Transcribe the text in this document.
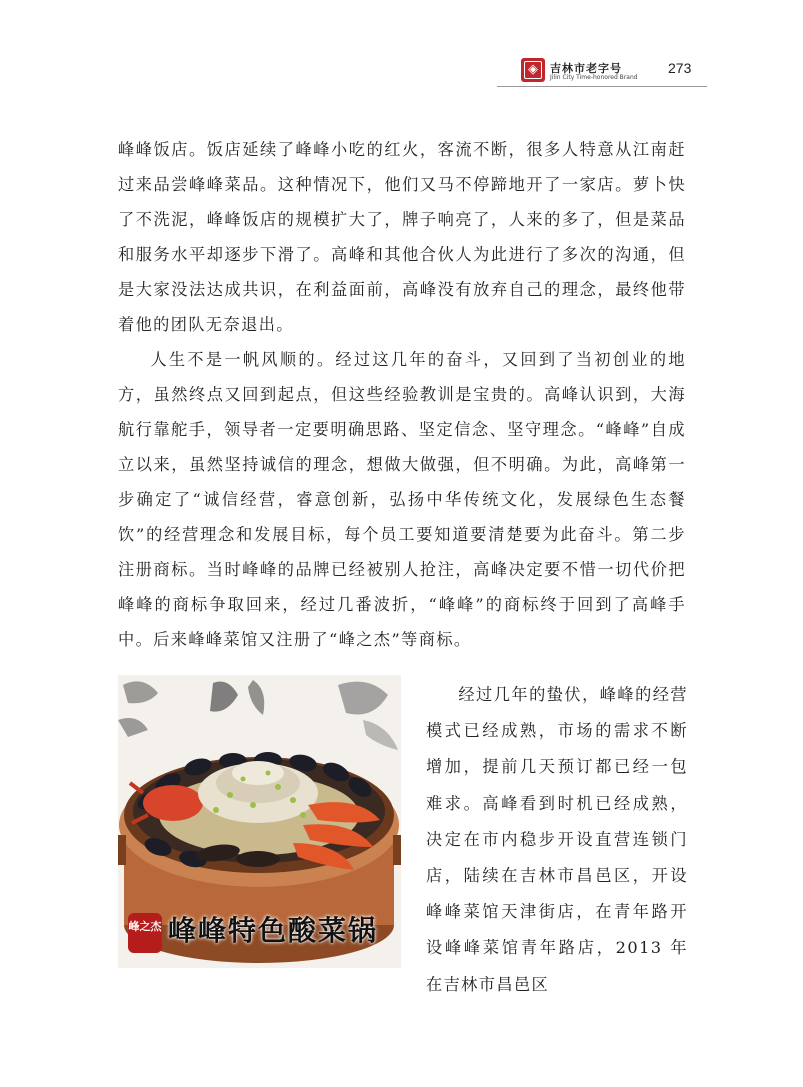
◈	吉林市老字号
Jilin City Time-honored Brand
273

峰峰饭店。饭店延续了峰峰小吃的红火，客流不断，很多人特意从江南赶过来品尝峰峰菜品。这种情况下，他们又马不停蹄地开了一家店。萝卜快了不洗泥，峰峰饭店的规模扩大了，牌子响亮了，人来的多了，但是菜品和服务水平却逐步下滑了。高峰和其他合伙人为此进行了多次的沟通，但是大家没法达成共识，在利益面前，高峰没有放弃自己的理念，最终他带着他的团队无奈退出。

人生不是一帆风顺的。经过这几年的奋斗，又回到了当初创业的地方，虽然终点又回到起点，但这些经验教训是宝贵的。高峰认识到，大海航行靠舵手，领导者一定要明确思路、坚定信念、坚守理念。“峰峰”自成立以来，虽然坚持诚信的理念，想做大做强，但不明确。为此，高峰第一步确定了“诚信经营，睿意创新，弘扬中华传统文化，发展绿色生态餐饮”的经营理念和发展目标，每个员工要知道要清楚要为此奋斗。第二步注册商标。当时峰峰的品牌已经被别人抢注，高峰决定要不惜一切代价把峰峰的商标争取回来，经过几番波折，“峰峰”的商标终于回到了高峰手中。后来峰峰菜馆又注册了“峰之杰”等商标。

峰之杰 峰峰特色酸菜锅

经过几年的蛰伏，峰峰的经营模式已经成熟，市场的需求不断增加，提前几天预订都已经一包难求。高峰看到时机已经成熟，决定在市内稳步开设直营连锁门店，陆续在吉林市昌邑区，开设峰峰菜馆天津街店，在青年路开设峰峰菜馆青年路店，2013 年在吉林市昌邑区
